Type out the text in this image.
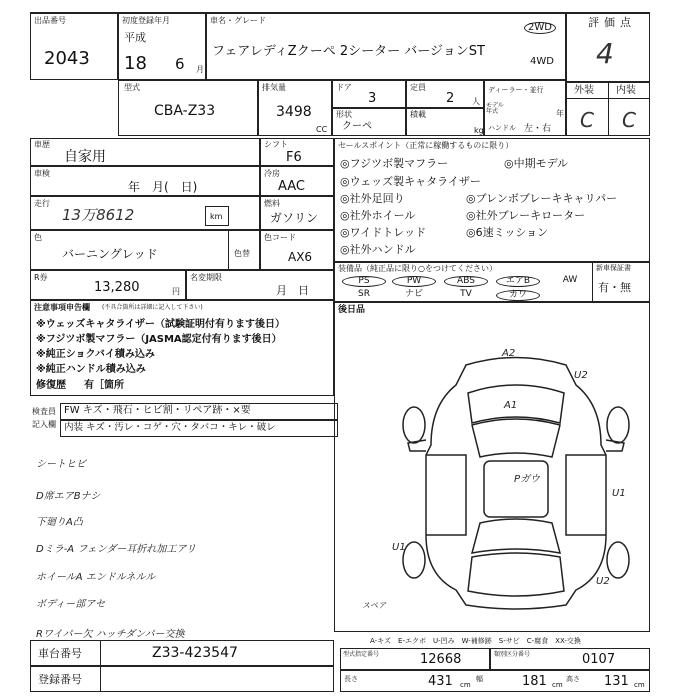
出品番号
2043
初度登録年月
平成
18 6 月
車名・グレード
フェアレディZクーペ 2シーター バージョンST
2WD
4WD
評価点
4
型式
CBA-Z33
排気量
3498
CC
ドア
3
定員
2 人
形状
クーペ
積載
kg
ディーラー・並行
モデル年式	年
ハンドル 左・右
外装 内装
C C
車歴
自家用
シフト
F6
車検
年　月(　日)
冷房
AAC
走行
13万8612	km
燃料
ガソリン
色
バーニングレッド	色替
色コード
AX6
R券
13,280	円
名変期限
月　日
セールスポイント（正常に稼働するものに限り）
◎フジツボ製マフラー	◎中期モデル
◎ウェッズ製キャタライザー
◎社外足回り	◎ブレンボブレーキキャリパー
◎社外ホイール	◎社外ブレーキローター
◎ワイドトレッド	◎6速ミッション
◎社外ハンドル
装備品（純正品に限り○をつけてください）	新車保証書
有・無
PS	PW	ABS	エアB	AW
SR	ナビ	TV	カワ
注意事項申告欄 (不具合箇所は詳細に記入して下さい)
※ウェッズキャタライザー（試験証明付有ります後日）
※フジツボ製マフラー（JASMA認定付有ります後日）
※純正ショクバイ積み込み
※純正ハンドル積み込み
修復歴 有［箇所
検査員
記入欄
FW キズ・飛石・ヒビ割・リペア跡・×要
内装 キズ・汚レ・コゲ・穴・タバコ・キレ・破レ
シートヒビ
D席エアBナシ
下廻りA凸
Dミラ-A フェンダー耳折れ加工アリ
ホイールA エンドルネルル
ボディー部アセ
Rワイパー欠 ハッチダンパー交換
後日品
A2
A1
U2
Pガウ
U1
U1
U2
スペア
A-キズ　E-エクボ　U-凹み　W-補修跡　S-サビ　C-腐食　XX-交換
車台番号	Z33-423547
登録番号
型式指定番号	12668	類別区分番号	0107
長さ	431 cm
幅	181 cm
高さ 131 cm
